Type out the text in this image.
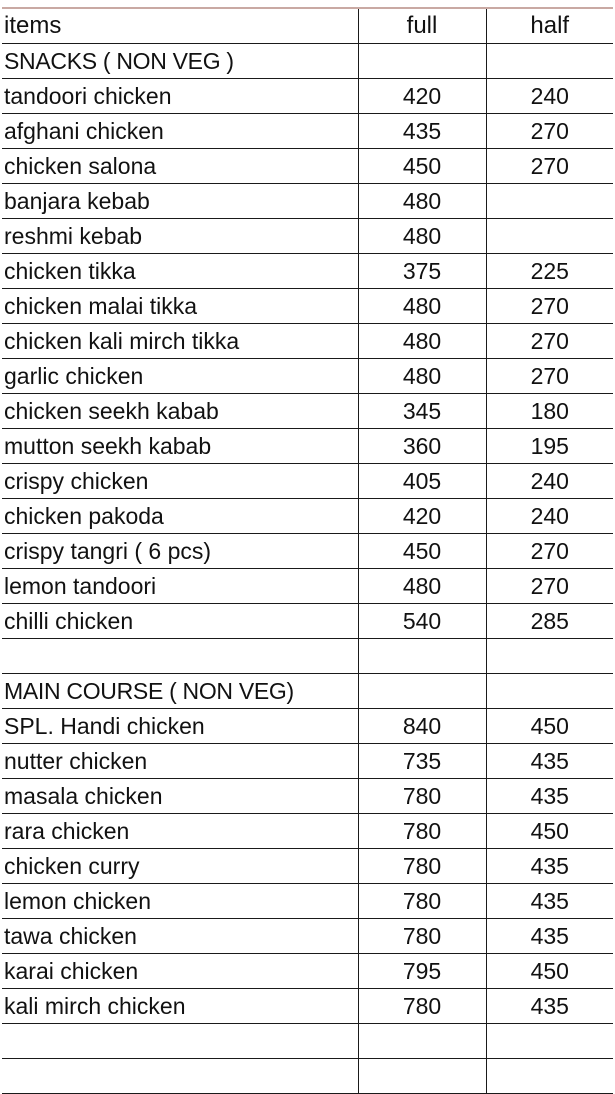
items	full	half
SNACKS ( NON VEG )		
tandoori chicken	420	240
afghani chicken	435	270
chicken salona	450	270
banjara kebab	480	
reshmi kebab	480	
chicken tikka	375	225
chicken malai tikka	480	270
chicken kali mirch tikka	480	270
garlic chicken	480	270
chicken seekh kabab	345	180
mutton seekh kabab	360	195
crispy chicken	405	240
chicken pakoda	420	240
crispy tangri ( 6 pcs)	450	270
lemon tandoori	480	270
chilli chicken	540	285

MAIN COURSE ( NON VEG)		
SPL. Handi chicken	840	450
nutter chicken	735	435
masala chicken	780	435
rara chicken	780	450
chicken curry	780	435
lemon chicken	780	435
tawa chicken	780	435
karai chicken	795	450
kali mirch chicken	780	435
